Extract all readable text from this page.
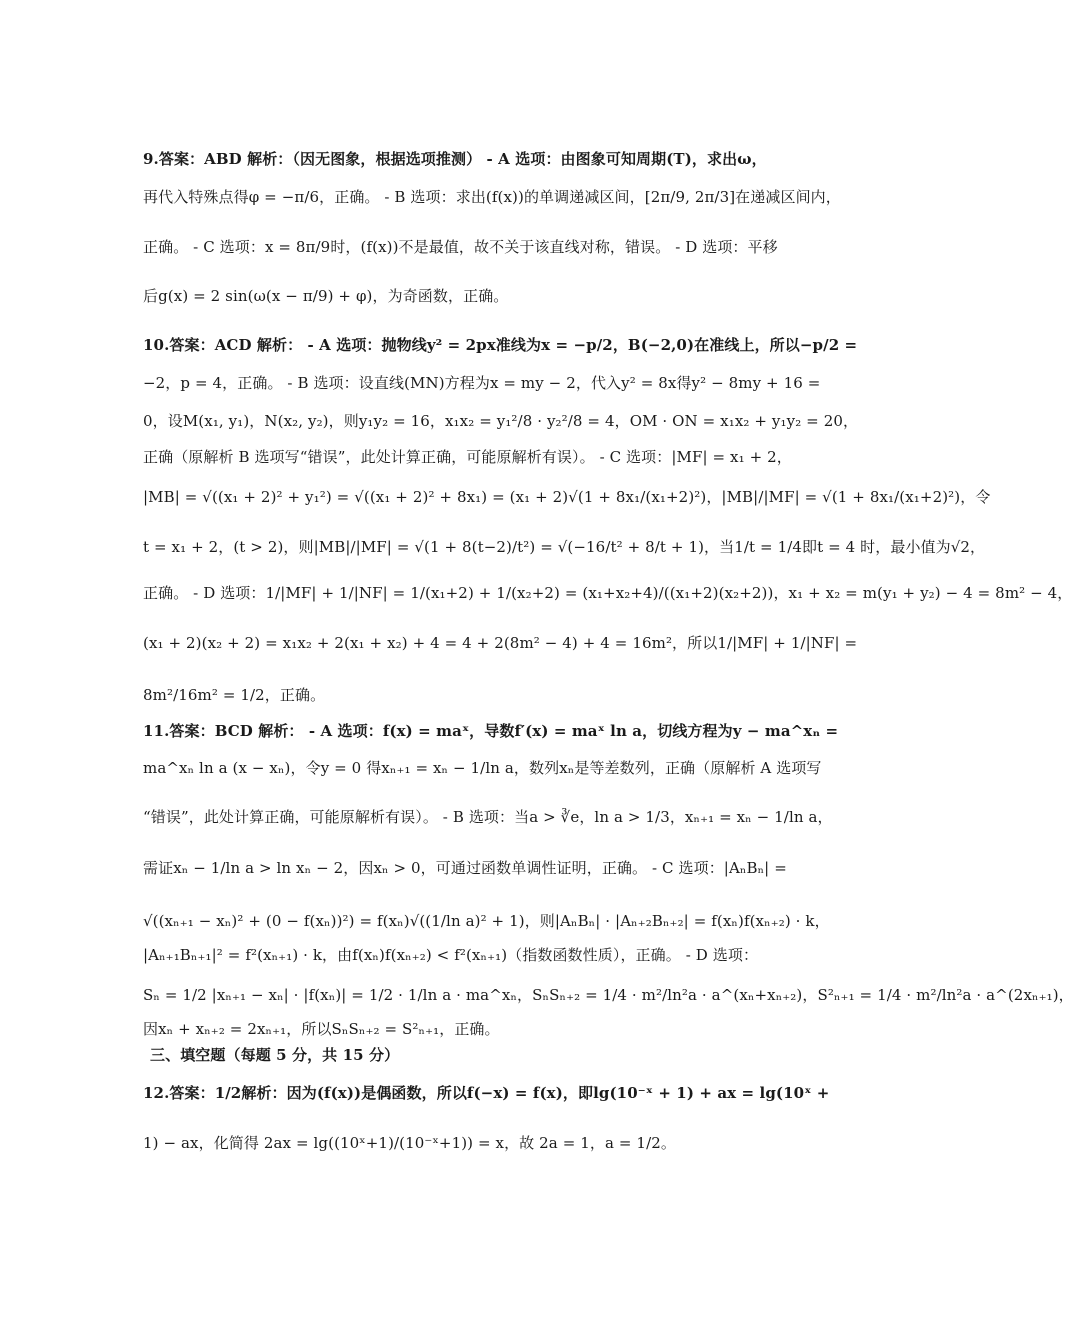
9.答案：ABD 解析：（因无图象，根据选项推测） - A 选项：由图象可知周期(T)，求出ω，
再代入特殊点得φ = −π/6，正确。 - B 选项：求出(f(x))的单调递减区间，[2π/9, 2π/3]在递减区间内，
正确。 - C 选项：x = 8π/9时，(f(x))不是最值，故不关于该直线对称，错误。 - D 选项：平移
后g(x) = 2 sin(ω(x − π/9) + φ)，为奇函数，正确。
10.答案：ACD 解析： - A 选项：抛物线y² = 2px准线为x = −p/2，B(−2,0)在准线上，所以−p/2 =
−2，p = 4，正确。 - B 选项：设直线(MN)方程为x = my − 2，代入y² = 8x得y² − 8my + 16 =
0，设M(x₁, y₁)，N(x₂, y₂)，则y₁y₂ = 16，x₁x₂ = y₁²/8 · y₂²/8 = 4，OM · ON = x₁x₂ + y₁y₂ = 20，
正确（原解析 B 选项写“错误”，此处计算正确，可能原解析有误）。 - C 选项：|MF| = x₁ + 2，
|MB| = √((x₁ + 2)² + y₁²) = √((x₁ + 2)² + 8x₁) = (x₁ + 2)√(1 + 8x₁/(x₁+2)²)，|MB|/|MF| = √(1 + 8x₁/(x₁+2)²)，令
t = x₁ + 2，(t > 2)，则|MB|/|MF| = √(1 + 8(t−2)/t²) = √(−16/t² + 8/t + 1)，当1/t = 1/4即t = 4 时，最小值为√2，
正确。 - D 选项：1/|MF| + 1/|NF| = 1/(x₁+2) + 1/(x₂+2) = (x₁+x₂+4)/((x₁+2)(x₂+2))，x₁ + x₂ = m(y₁ + y₂) − 4 = 8m² − 4，
(x₁ + 2)(x₂ + 2) = x₁x₂ + 2(x₁ + x₂) + 4 = 4 + 2(8m² − 4) + 4 = 16m²，所以1/|MF| + 1/|NF| =
8m²/16m² = 1/2，正确。
11.答案：BCD 解析： - A 选项：f(x) = maˣ，导数f′(x) = maˣ ln a，切线方程为y − ma^xₙ =
ma^xₙ ln a (x − xₙ)，令y = 0 得xₙ₊₁ = xₙ − 1/ln a，数列xₙ是等差数列，正确（原解析 A 选项写
“错误”，此处计算正确，可能原解析有误）。 - B 选项：当a > ∛e，ln a > 1/3，xₙ₊₁ = xₙ − 1/ln a，
需证xₙ − 1/ln a > ln xₙ − 2，因xₙ > 0，可通过函数单调性证明，正确。 - C 选项：|AₙBₙ| =
√((xₙ₊₁ − xₙ)² + (0 − f(xₙ))²) = f(xₙ)√((1/ln a)² + 1)，则|AₙBₙ| · |Aₙ₊₂Bₙ₊₂| = f(xₙ)f(xₙ₊₂) · k，
|Aₙ₊₁Bₙ₊₁|² = f²(xₙ₊₁) · k，由f(xₙ)f(xₙ₊₂) < f²(xₙ₊₁)（指数函数性质），正确。 - D 选项：
Sₙ = 1/2 |xₙ₊₁ − xₙ| · |f(xₙ)| = 1/2 · 1/ln a · ma^xₙ，SₙSₙ₊₂ = 1/4 · m²/ln²a · a^(xₙ+xₙ₊₂)，S²ₙ₊₁ = 1/4 · m²/ln²a · a^(2xₙ₊₁)，
因xₙ + xₙ₊₂ = 2xₙ₊₁，所以SₙSₙ₊₂ = S²ₙ₊₁，正确。
三、填空题（每题 5 分，共 15 分）
12.答案：1/2解析：因为(f(x))是偶函数，所以f(−x) = f(x)，即lg(10⁻ˣ + 1) + ax = lg(10ˣ +
1) − ax，化简得 2ax = lg((10ˣ+1)/(10⁻ˣ+1)) = x，故 2a = 1，a = 1/2。
